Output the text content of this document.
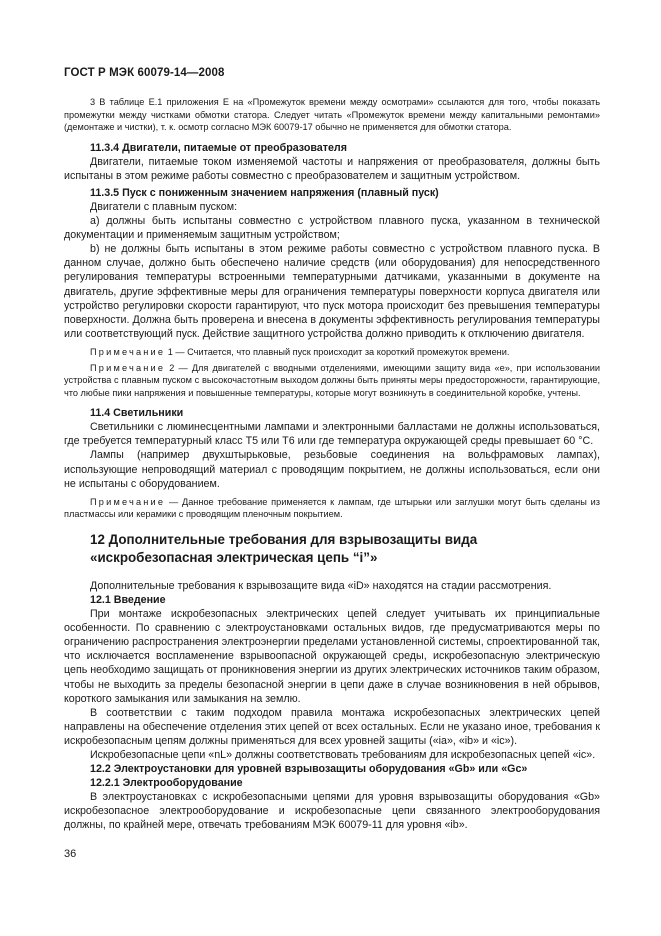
ГОСТ Р МЭК 60079-14—2008

3 В таблице Е.1 приложения Е на «Промежуток времени между осмотрами» ссылаются для того, чтобы показать промежутки между чистками обмотки статора. Следует читать «Промежуток времени между капитальными ремонтами» (демонтаже и чистки), т. к. осмотр согласно МЭК 60079-17 обычно не применяется для обмотки статора.

11.3.4 Двигатели, питаемые от преобразователя

Двигатели, питаемые током изменяемой частоты и напряжения от преобразователя, должны быть испытаны в этом режиме работы совместно с преобразователем и защитным устройством.

11.3.5 Пуск с пониженным значением напряжения (плавный пуск)

Двигатели с плавным пуском:

a) должны быть испытаны совместно с устройством плавного пуска, указанном в технической документации и применяемым защитным устройством;

b) не должны быть испытаны в этом режиме работы совместно с устройством плавного пуска. В данном случае, должно быть обеспечено наличие средств (или оборудования) для непосредственного регулирования температуры встроенными температурными датчиками, указанными в документе на двигатель, другие эффективные меры для ограничения температуры поверхности корпуса двигателя или устройство регулировки скорости гарантируют, что пуск мотора происходит без превышения температуры поверхности. Должна быть проверена и внесена в документы эффективность регулирования температуры или соответствующий пуск. Действие защитного устройства должно приводить к отключению двигателя.

Примечание 1 — Считается, что плавный пуск происходит за короткий промежуток времени.

Примечание 2 — Для двигателей с вводными отделениями, имеющими защиту вида «е», при использовании устройства с плавным пуском с высокочастотным выходом должны быть приняты меры предосторожности, гарантирующие, что любые пики напряжения и повышенные температуры, которые могут возникнуть в соединительной коробке, учтены.

11.4 Светильники

Светильники с люминесцентными лампами и электронными балластами не должны использоваться, где требуется температурный класс Т5 или Т6 или где температура окружающей среды превышает 60 °С.

Лампы (например двухштырьковые, резьбовые соединения на вольфрамовых лампах), использующие непроводящий материал с проводящим покрытием, не должны использоваться, если они не испытаны с оборудованием.

Примечание — Данное требование применяется к лампам, где штырьки или заглушки могут быть сделаны из пластмассы или керамики с проводящим пленочным покрытием.

12 Дополнительные требования для взрывозащиты вида
«искробезопасная электрическая цепь “i”»

Дополнительные требования к взрывозащите вида «iD» находятся на стадии рассмотрения.

12.1 Введение

При монтаже искробезопасных электрических цепей следует учитывать их принципиальные особенности. По сравнению с электроустановками остальных видов, где предусматриваются меры по ограничению распространения электроэнергии пределами установленной системы, спроектированной так, что исключается воспламенение взрывоопасной окружающей среды, искробезопасную электрическую цепь необходимо защищать от проникновения энергии из других электрических источников таким образом, чтобы не выходить за пределы безопасной энергии в цепи даже в случае возникновения в ней обрывов, короткого замыкания или замыкания на землю.

В соответствии с таким подходом правила монтажа искробезопасных электрических цепей направлены на обеспечение отделения этих цепей от всех остальных. Если не указано иное, требования к искробезопасным цепям должны применяться для всех уровней защиты («ia», «ib» и «ic»).

Искробезопасные цепи «nL» должны соответствовать требованиям для искробезопасных цепей «ic».

12.2 Электроустановки для уровней взрывозащиты оборудования «Gb» или «Gc»
12.2.1 Электрооборудование

В электроустановках с искробезопасными цепями для уровня взрывозащиты оборудования «Gb» искробезопасное электрооборудование и искробезопасные цепи связанного электрооборудования должны, по крайней мере, отвечать требованиям МЭК 60079-11 для уровня «ib».

36
